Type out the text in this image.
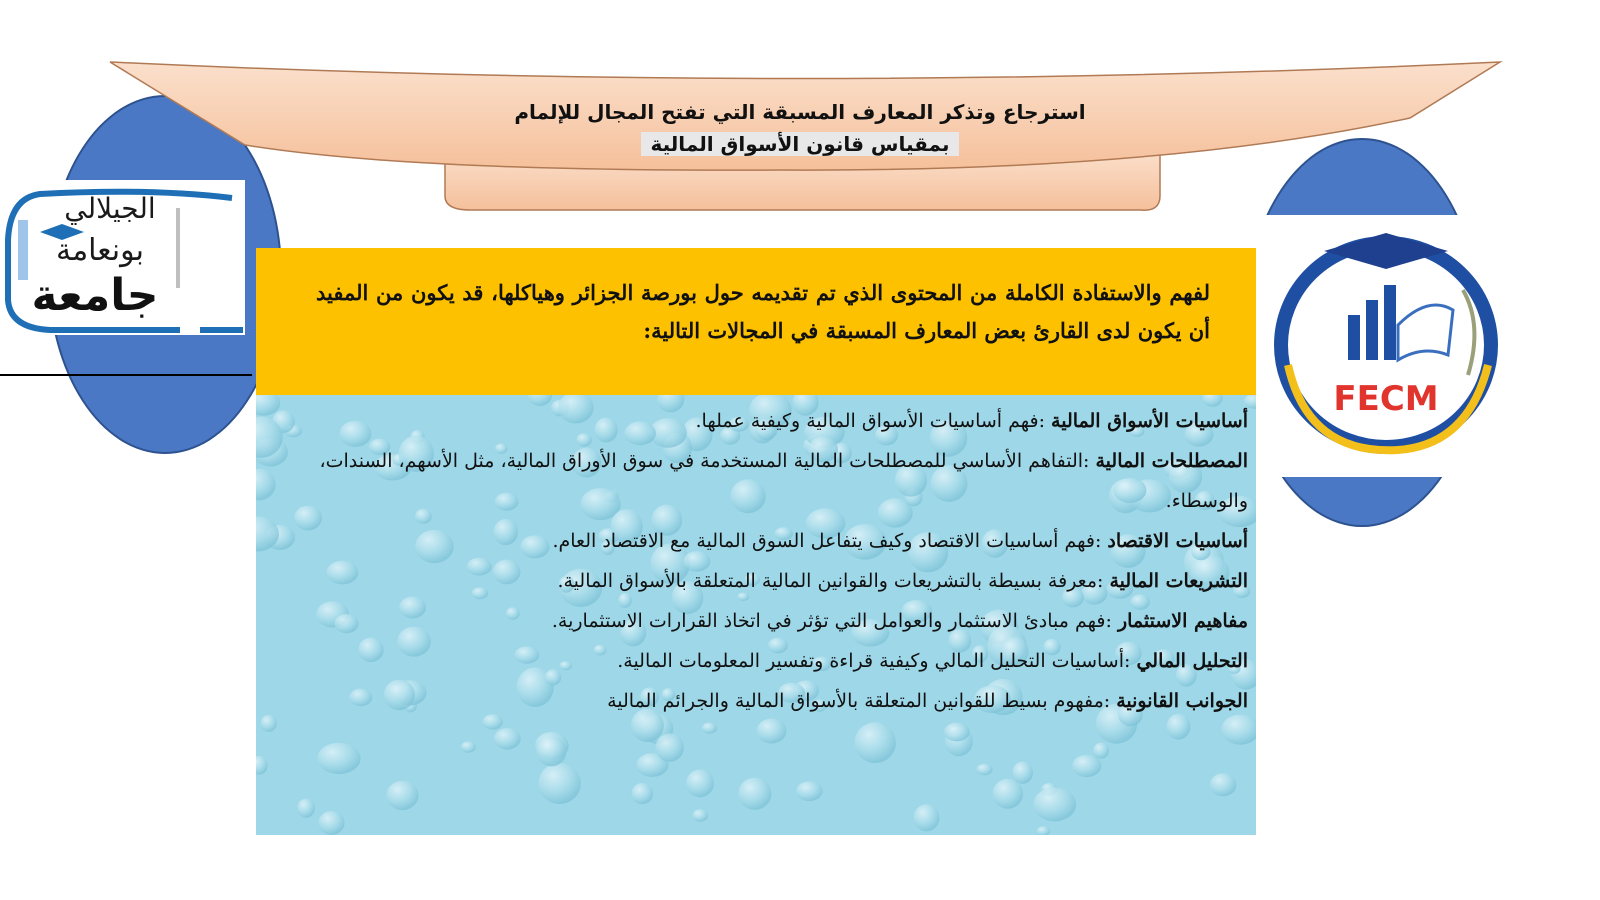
الجيلالي
بونعامة
جامعة
FECM
استرجاع وتذكر المعارف المسبقة التي تفتح المجال للإلمام
بمقياس قانون الأسواق المالية
لفهم والاستفادة الكاملة من المحتوى الذي تم تقديمه حول بورصة الجزائر وهياكلها، قد يكون من المفيد أن يكون لدى القارئ بعض المعارف المسبقة في المجالات التالية:
أساسيات الأسواق المالية :فهم أساسيات الأسواق المالية وكيفية عملها.
المصطلحات المالية :التفاهم الأساسي للمصطلحات المالية المستخدمة في سوق الأوراق المالية، مثل الأسهم، السندات، والوسطاء.
أساسيات الاقتصاد :فهم أساسيات الاقتصاد وكيف يتفاعل السوق المالية مع الاقتصاد العام.
التشريعات المالية :معرفة بسيطة بالتشريعات والقوانين المالية المتعلقة بالأسواق المالية.
مفاهيم الاستثمار :فهم مبادئ الاستثمار والعوامل التي تؤثر في اتخاذ القرارات الاستثمارية.
التحليل المالي :أساسيات التحليل المالي وكيفية قراءة وتفسير المعلومات المالية.
الجوانب القانونية :مفهوم بسيط للقوانين المتعلقة بالأسواق المالية والجرائم المالية
